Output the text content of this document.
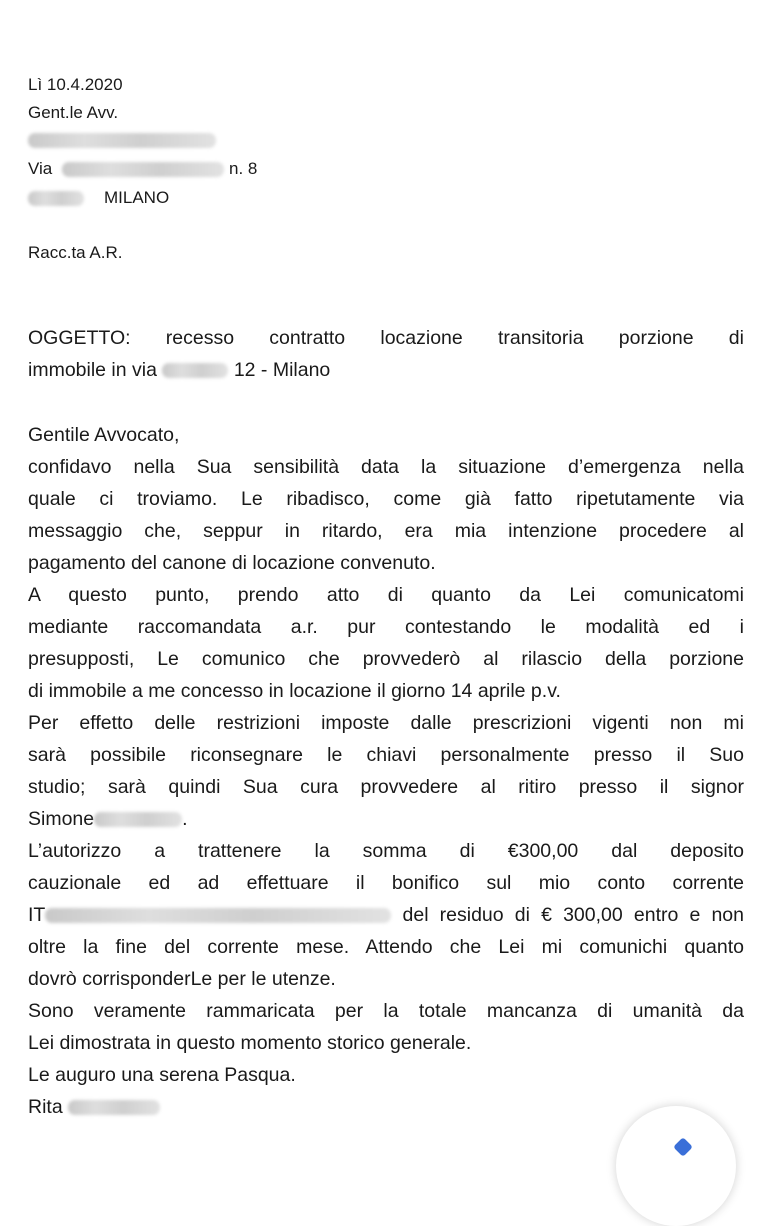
Lì 10.4.2020
Gent.le Avv.
Via	n. 8
MILANO
Racc.ta A.R.
OGGETTO: recesso contratto locazione transitoria porzione di
immobile in via	12 - Milano
Gentile Avvocato,
confidavo nella Sua sensibilità data la situazione d’emergenza nella
quale ci troviamo. Le ribadisco, come già fatto ripetutamente via
messaggio che, seppur in ritardo, era mia intenzione procedere al
pagamento del canone di locazione convenuto.
A questo punto, prendo atto di quanto da Lei comunicatomi
mediante raccomandata a.r. pur contestando le modalità ed i
presupposti, Le comunico che provvederò al rilascio della porzione
di immobile a me concesso in locazione il giorno 14 aprile p.v.
Per effetto delle restrizioni imposte dalle prescrizioni vigenti non mi
sarà possibile riconsegnare le chiavi personalmente presso il Suo
studio; sarà quindi Sua cura provvedere al ritiro presso il signor
Simone	.
L’autorizzo a trattenere la somma di €300,00 dal deposito
cauzionale ed ad effettuare il bonifico sul mio conto corrente
IT	del residuo di € 300,00 entro e non
oltre la fine del corrente mese. Attendo che Lei mi comunichi quanto
dovrò corrisponderLe per le utenze.
Sono veramente rammaricata per la totale mancanza di umanità da
Lei dimostrata in questo momento storico generale.
Le auguro una serena Pasqua.
Rita
